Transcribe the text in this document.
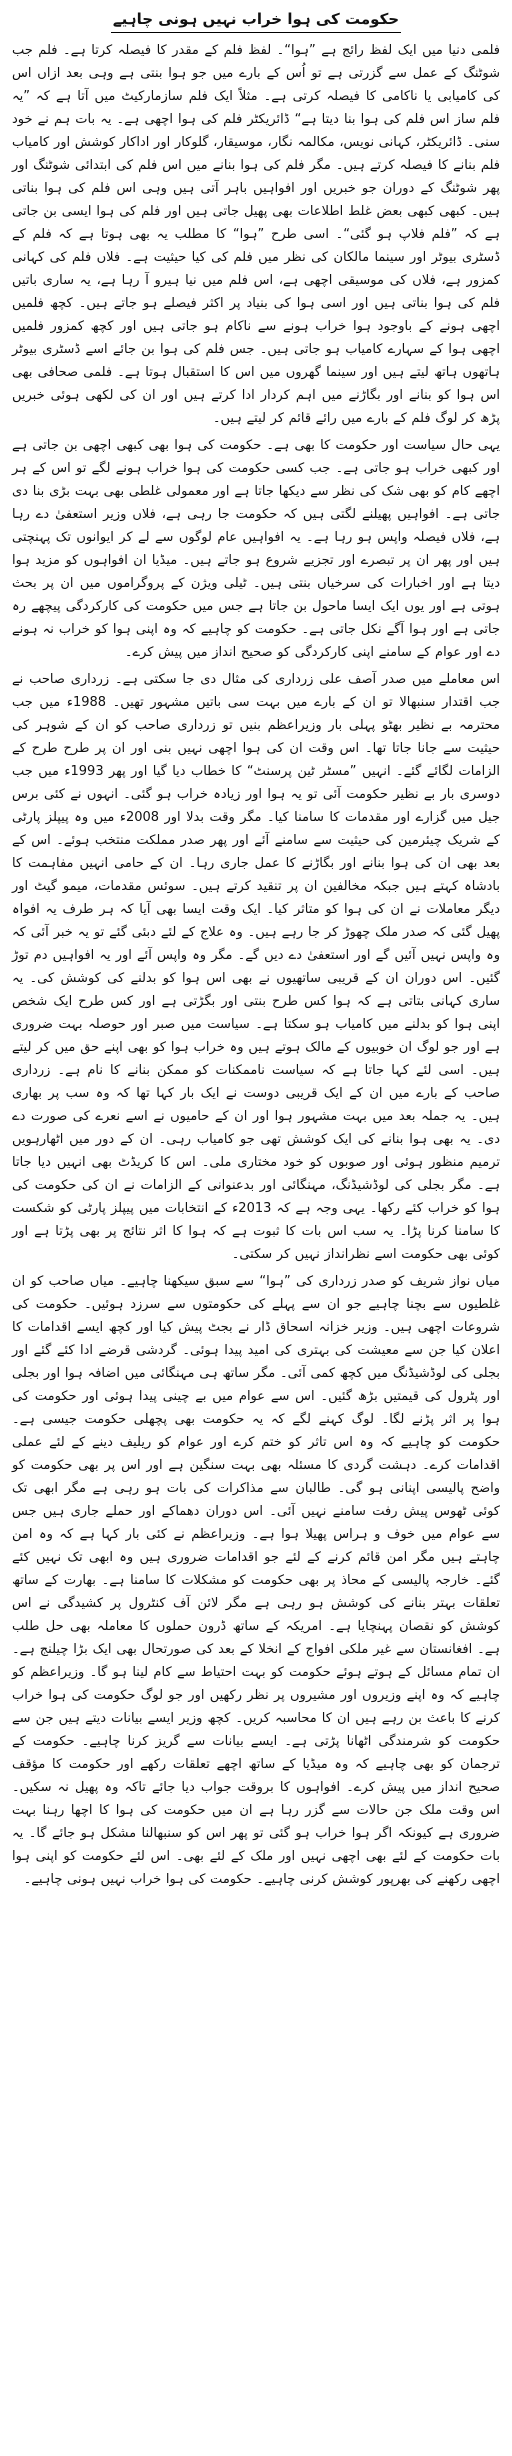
حکومت کی ہوا خراب نہیں ہونی چاہیے

فلمی دنیا میں ایک لفظ رائج ہے ”ہوا“۔ لفظ فلم کے مقدر کا فیصلہ کرتا ہے۔ فلم جب شوٹنگ کے عمل سے گزرتی ہے تو اُس کے بارے میں جو ہوا بنتی ہے وہی بعد ازاں اس کی کامیابی یا ناکامی کا فیصلہ کرتی ہے۔ مثلاً ایک فلم سازمارکیٹ میں آتا ہے کہ ”یہ فلم ساز اس فلم کی ہوا بنا دیتا ہے“ ڈائریکٹر فلم کی ہوا اچھی ہے۔ یہ بات ہم نے خود سنی۔ ڈائریکٹر، کہانی نویس، مکالمہ نگار، موسیقار، گلوکار اور اداکار کوشش اور کامیاب فلم بنانے کا فیصلہ کرتے ہیں۔ مگر فلم کی ہوا بنانے میں اس فلم کی ابتدائی شوٹنگ اور پھر شوٹنگ کے دوران جو خبریں اور افواہیں باہر آتی ہیں وہی اس فلم کی ہوا بناتی ہیں۔ کبھی کبھی بعض غلط اطلاعات بھی پھیل جاتی ہیں اور فلم کی ہوا ایسی بن جاتی ہے کہ ”فلم فلاپ ہو گئی“۔ اسی طرح ”ہوا“ کا مطلب یہ بھی ہوتا ہے کہ فلم کے ڈسٹری بیوٹر اور سینما مالکان کی نظر میں فلم کی کیا حیثیت ہے۔ فلاں فلم کی کہانی کمزور ہے، فلاں کی موسیقی اچھی ہے، اس فلم میں نیا ہیرو آ رہا ہے، یہ ساری باتیں فلم کی ہوا بناتی ہیں اور اسی ہوا کی بنیاد پر اکثر فیصلے ہو جاتے ہیں۔ کچھ فلمیں اچھی ہونے کے باوجود ہوا خراب ہونے سے ناکام ہو جاتی ہیں اور کچھ کمزور فلمیں اچھی ہوا کے سہارے کامیاب ہو جاتی ہیں۔ جس فلم کی ہوا بن جائے اسے ڈسٹری بیوٹر ہاتھوں ہاتھ لیتے ہیں اور سینما گھروں میں اس کا استقبال ہوتا ہے۔ فلمی صحافی بھی اس ہوا کو بنانے اور بگاڑنے میں اہم کردار ادا کرتے ہیں اور ان کی لکھی ہوئی خبریں پڑھ کر لوگ فلم کے بارے میں رائے قائم کر لیتے ہیں۔

یہی حال سیاست اور حکومت کا بھی ہے۔ حکومت کی ہوا بھی کبھی اچھی بن جاتی ہے اور کبھی خراب ہو جاتی ہے۔ جب کسی حکومت کی ہوا خراب ہونے لگے تو اس کے ہر اچھے کام کو بھی شک کی نظر سے دیکھا جاتا ہے اور معمولی غلطی بھی بہت بڑی بنا دی جاتی ہے۔ افواہیں پھیلنے لگتی ہیں کہ حکومت جا رہی ہے، فلاں وزیر استعفیٰ دے رہا ہے، فلاں فیصلہ واپس ہو رہا ہے۔ یہ افواہیں عام لوگوں سے لے کر ایوانوں تک پہنچتی ہیں اور پھر ان پر تبصرے اور تجزیے شروع ہو جاتے ہیں۔ میڈیا ان افواہوں کو مزید ہوا دیتا ہے اور اخبارات کی سرخیاں بنتی ہیں۔ ٹیلی ویژن کے پروگراموں میں ان پر بحث ہوتی ہے اور یوں ایک ایسا ماحول بن جاتا ہے جس میں حکومت کی کارکردگی پیچھے رہ جاتی ہے اور ہوا آگے نکل جاتی ہے۔ حکومت کو چاہیے کہ وہ اپنی ہوا کو خراب نہ ہونے دے اور عوام کے سامنے اپنی کارکردگی کو صحیح انداز میں پیش کرے۔

اس معاملے میں صدر آصف علی زرداری کی مثال دی جا سکتی ہے۔ زرداری صاحب نے جب اقتدار سنبھالا تو ان کے بارے میں بہت سی باتیں مشہور تھیں۔ 1988ء میں جب محترمہ بے نظیر بھٹو پہلی بار وزیراعظم بنیں تو زرداری صاحب کو ان کے شوہر کی حیثیت سے جانا جاتا تھا۔ اس وقت ان کی ہوا اچھی نہیں بنی اور ان پر طرح طرح کے الزامات لگائے گئے۔ انہیں ”مسٹر ٹین پرسنٹ“ کا خطاب دیا گیا اور پھر 1993ء میں جب دوسری بار بے نظیر حکومت آئی تو یہ ہوا اور زیادہ خراب ہو گئی۔ انہوں نے کئی برس جیل میں گزارے اور مقدمات کا سامنا کیا۔ مگر وقت بدلا اور 2008ء میں وہ پیپلز پارٹی کے شریک چیئرمین کی حیثیت سے سامنے آئے اور پھر صدر مملکت منتخب ہوئے۔ اس کے بعد بھی ان کی ہوا بنانے اور بگاڑنے کا عمل جاری رہا۔ ان کے حامی انہیں مفاہمت کا بادشاہ کہتے ہیں جبکہ مخالفین ان پر تنقید کرتے ہیں۔ سوئس مقدمات، میمو گیٹ اور دیگر معاملات نے ان کی ہوا کو متاثر کیا۔ ایک وقت ایسا بھی آیا کہ ہر طرف یہ افواہ پھیل گئی کہ صدر ملک چھوڑ کر جا رہے ہیں۔ وہ علاج کے لئے دبئی گئے تو یہ خبر آئی کہ وہ واپس نہیں آئیں گے اور استعفیٰ دے دیں گے۔ مگر وہ واپس آئے اور یہ افواہیں دم توڑ گئیں۔ اس دوران ان کے قریبی ساتھیوں نے بھی اس ہوا کو بدلنے کی کوشش کی۔ یہ ساری کہانی بتاتی ہے کہ ہوا کس طرح بنتی اور بگڑتی ہے اور کس طرح ایک شخص اپنی ہوا کو بدلنے میں کامیاب ہو سکتا ہے۔ سیاست میں صبر اور حوصلہ بہت ضروری ہے اور جو لوگ ان خوبیوں کے مالک ہوتے ہیں وہ خراب ہوا کو بھی اپنے حق میں کر لیتے ہیں۔ اسی لئے کہا جاتا ہے کہ سیاست ناممکنات کو ممکن بنانے کا نام ہے۔ زرداری صاحب کے بارے میں ان کے ایک قریبی دوست نے ایک بار کہا تھا کہ وہ سب پر بھاری ہیں۔ یہ جملہ بعد میں بہت مشہور ہوا اور ان کے حامیوں نے اسے نعرے کی صورت دے دی۔ یہ بھی ہوا بنانے کی ایک کوشش تھی جو کامیاب رہی۔ ان کے دور میں اٹھارہویں ترمیم منظور ہوئی اور صوبوں کو خود مختاری ملی۔ اس کا کریڈٹ بھی انہیں دیا جاتا ہے۔ مگر بجلی کی لوڈشیڈنگ، مہنگائی اور بدعنوانی کے الزامات نے ان کی حکومت کی ہوا کو خراب کئے رکھا۔ یہی وجہ ہے کہ 2013ء کے انتخابات میں پیپلز پارٹی کو شکست کا سامنا کرنا پڑا۔ یہ سب اس بات کا ثبوت ہے کہ ہوا کا اثر نتائج پر بھی پڑتا ہے اور کوئی بھی حکومت اسے نظرانداز نہیں کر سکتی۔

میاں نواز شریف کو صدر زرداری کی ”ہوا“ سے سبق سیکھنا چاہیے۔ میاں صاحب کو ان غلطیوں سے بچنا چاہیے جو ان سے پہلے کی حکومتوں سے سرزد ہوئیں۔ حکومت کی شروعات اچھی ہیں۔ وزیر خزانہ اسحاق ڈار نے بجٹ پیش کیا اور کچھ ایسے اقدامات کا اعلان کیا جن سے معیشت کی بہتری کی امید پیدا ہوئی۔ گردشی قرضے ادا کئے گئے اور بجلی کی لوڈشیڈنگ میں کچھ کمی آئی۔ مگر ساتھ ہی مہنگائی میں اضافہ ہوا اور بجلی اور پٹرول کی قیمتیں بڑھ گئیں۔ اس سے عوام میں بے چینی پیدا ہوئی اور حکومت کی ہوا پر اثر پڑنے لگا۔ لوگ کہنے لگے کہ یہ حکومت بھی پچھلی حکومت جیسی ہے۔ حکومت کو چاہیے کہ وہ اس تاثر کو ختم کرے اور عوام کو ریلیف دینے کے لئے عملی اقدامات کرے۔ دہشت گردی کا مسئلہ بھی بہت سنگین ہے اور اس پر بھی حکومت کو واضح پالیسی اپنانی ہو گی۔ طالبان سے مذاکرات کی بات ہو رہی ہے مگر ابھی تک کوئی ٹھوس پیش رفت سامنے نہیں آئی۔ اس دوران دھماکے اور حملے جاری ہیں جس سے عوام میں خوف و ہراس پھیلا ہوا ہے۔ وزیراعظم نے کئی بار کہا ہے کہ وہ امن چاہتے ہیں مگر امن قائم کرنے کے لئے جو اقدامات ضروری ہیں وہ ابھی تک نہیں کئے گئے۔ خارجہ پالیسی کے محاذ پر بھی حکومت کو مشکلات کا سامنا ہے۔ بھارت کے ساتھ تعلقات بہتر بنانے کی کوشش ہو رہی ہے مگر لائن آف کنٹرول پر کشیدگی نے اس کوشش کو نقصان پہنچایا ہے۔ امریکہ کے ساتھ ڈرون حملوں کا معاملہ بھی حل طلب ہے۔ افغانستان سے غیر ملکی افواج کے انخلا کے بعد کی صورتحال بھی ایک بڑا چیلنج ہے۔ ان تمام مسائل کے ہوتے ہوئے حکومت کو بہت احتیاط سے کام لینا ہو گا۔ وزیراعظم کو چاہیے کہ وہ اپنے وزیروں اور مشیروں پر نظر رکھیں اور جو لوگ حکومت کی ہوا خراب کرنے کا باعث بن رہے ہیں ان کا محاسبہ کریں۔ کچھ وزیر ایسے بیانات دیتے ہیں جن سے حکومت کو شرمندگی اٹھانا پڑتی ہے۔ ایسے بیانات سے گریز کرنا چاہیے۔ حکومت کے ترجمان کو بھی چاہیے کہ وہ میڈیا کے ساتھ اچھے تعلقات رکھے اور حکومت کا مؤقف صحیح انداز میں پیش کرے۔ افواہوں کا بروقت جواب دیا جائے تاکہ وہ پھیل نہ سکیں۔ اس وقت ملک جن حالات سے گزر رہا ہے ان میں حکومت کی ہوا کا اچھا رہنا بہت ضروری ہے کیونکہ اگر ہوا خراب ہو گئی تو پھر اس کو سنبھالنا مشکل ہو جائے گا۔ یہ بات حکومت کے لئے بھی اچھی نہیں اور ملک کے لئے بھی۔ اس لئے حکومت کو اپنی ہوا اچھی رکھنے کی بھرپور کوشش کرنی چاہیے۔ حکومت کی ہوا خراب نہیں ہونی چاہیے۔
